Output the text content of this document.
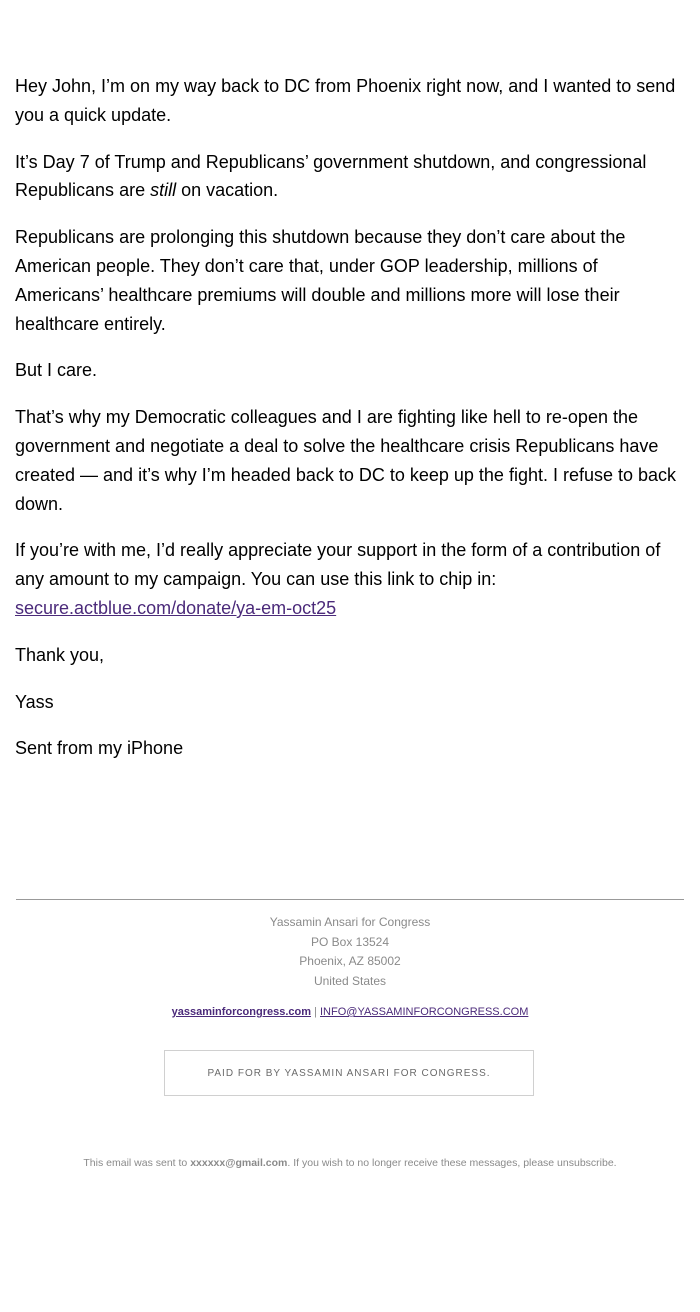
Hey John, I’m on my way back to DC from Phoenix right now, and I wanted to send you a quick update.

It’s Day 7 of Trump and Republicans’ government shutdown, and congressional Republicans are still on vacation.

Republicans are prolonging this shutdown because they don’t care about the American people. They don’t care that, under GOP leadership, millions of Americans’ healthcare premiums will double and millions more will lose their healthcare entirely.

But I care.

That’s why my Democratic colleagues and I are fighting like hell to re-open the government and negotiate a deal to solve the healthcare crisis Republicans have created — and it’s why I’m headed back to DC to keep up the fight. I refuse to back down.

If you’re with me, I’d really appreciate your support in the form of a contribution of any amount to my campaign. You can use this link to chip in: secure.actblue.com/donate/ya-em-oct25

Thank you,

Yass

Sent from my iPhone

Yassamin Ansari for Congress
PO Box 13524
Phoenix, AZ 85002
United States
yassaminforcongress.com | INFO@YASSAMINFORCONGRESS.COM
PAID FOR BY YASSAMIN ANSARI FOR CONGRESS.
This email was sent to xxxxxx@gmail.com. If you wish to no longer receive these messages, please unsubscribe.
